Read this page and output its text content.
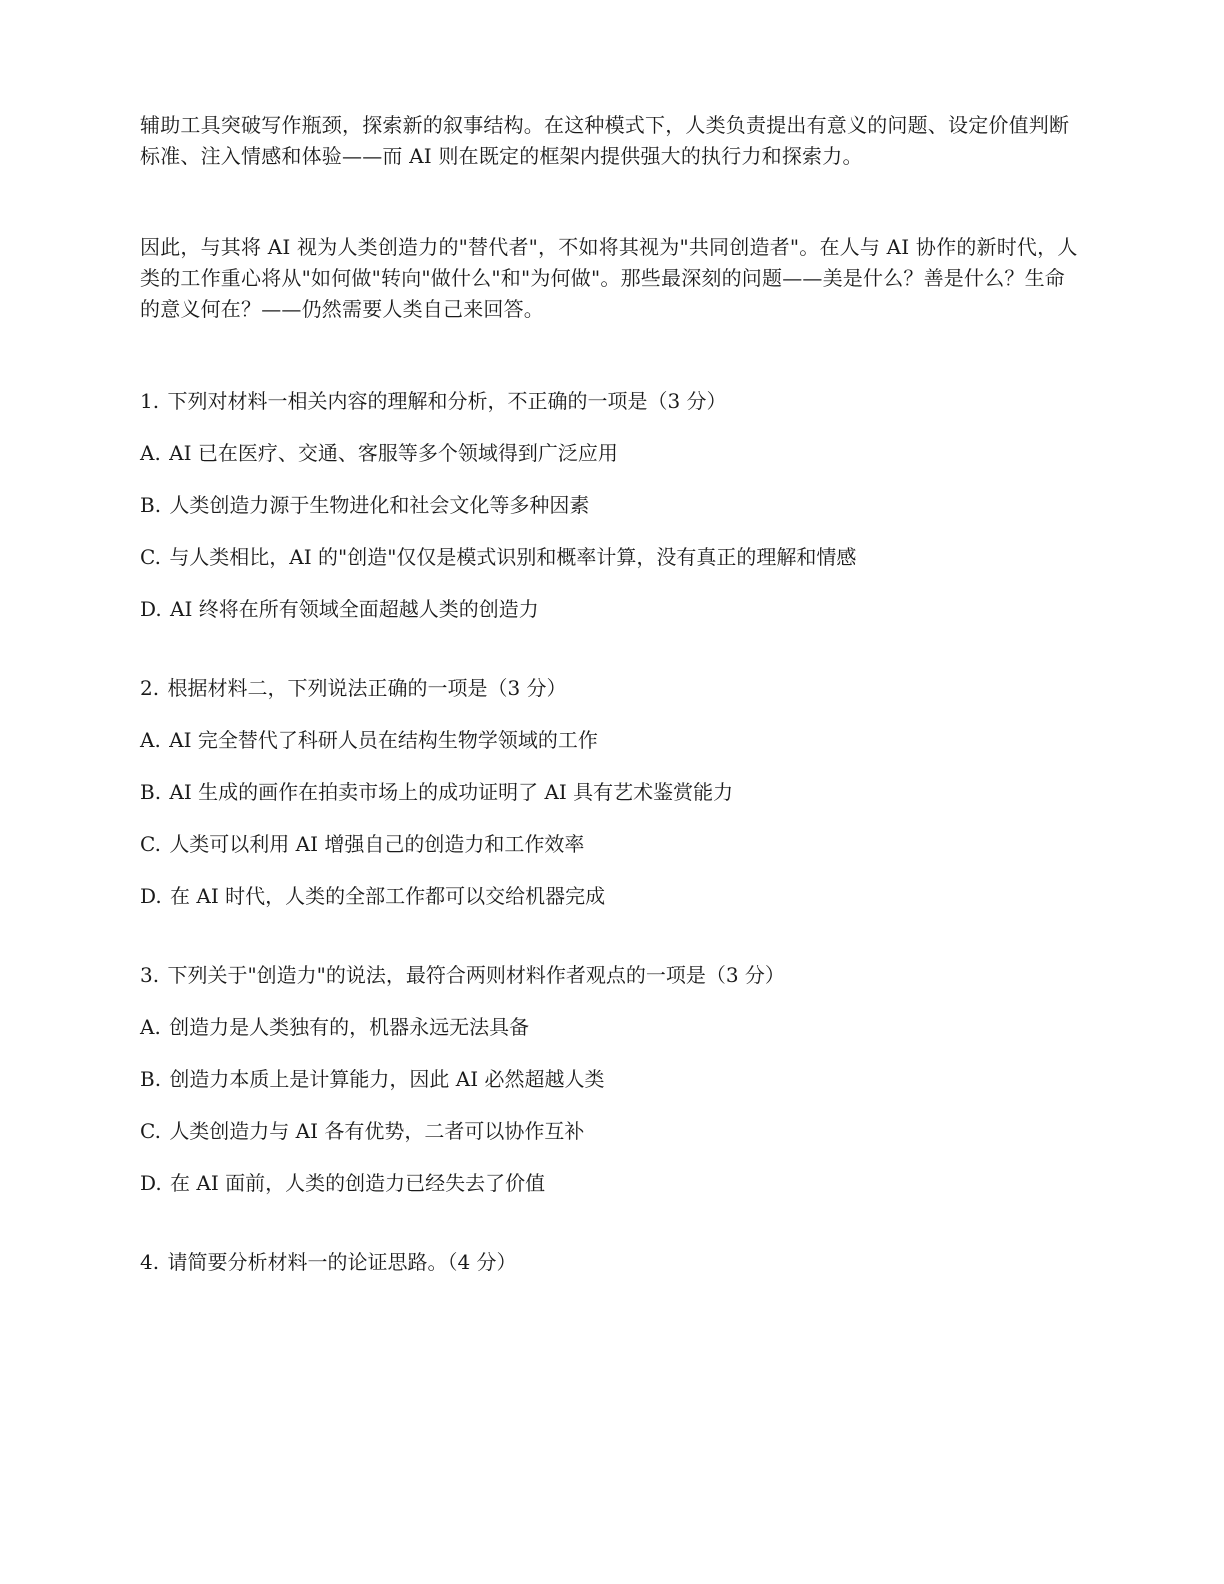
辅助工具突破写作瓶颈，探索新的叙事结构。在这种模式下，人类负责提出有意义的问题、设定价值判断标准、注入情感和体验——而 AI 则在既定的框架内提供强大的执行力和探索力。

因此，与其将 AI 视为人类创造力的"替代者"，不如将其视为"共同创造者"。在人与 AI 协作的新时代，人类的工作重心将从"如何做"转向"做什么"和"为何做"。那些最深刻的问题——美是什么？善是什么？生命的意义何在？——仍然需要人类自己来回答。

1. 下列对材料一相关内容的理解和分析，不正确的一项是（3 分）

A. AI 已在医疗、交通、客服等多个领域得到广泛应用

B. 人类创造力源于生物进化和社会文化等多种因素

C. 与人类相比，AI 的"创造"仅仅是模式识别和概率计算，没有真正的理解和情感

D. AI 终将在所有领域全面超越人类的创造力

2. 根据材料二，下列说法正确的一项是（3 分）

A. AI 完全替代了科研人员在结构生物学领域的工作

B. AI 生成的画作在拍卖市场上的成功证明了 AI 具有艺术鉴赏能力

C. 人类可以利用 AI 增强自己的创造力和工作效率

D. 在 AI 时代，人类的全部工作都可以交给机器完成

3. 下列关于"创造力"的说法，最符合两则材料作者观点的一项是（3 分）

A. 创造力是人类独有的，机器永远无法具备

B. 创造力本质上是计算能力，因此 AI 必然超越人类

C. 人类创造力与 AI 各有优势，二者可以协作互补

D. 在 AI 面前，人类的创造力已经失去了价值

4. 请简要分析材料一的论证思路。（4 分）
